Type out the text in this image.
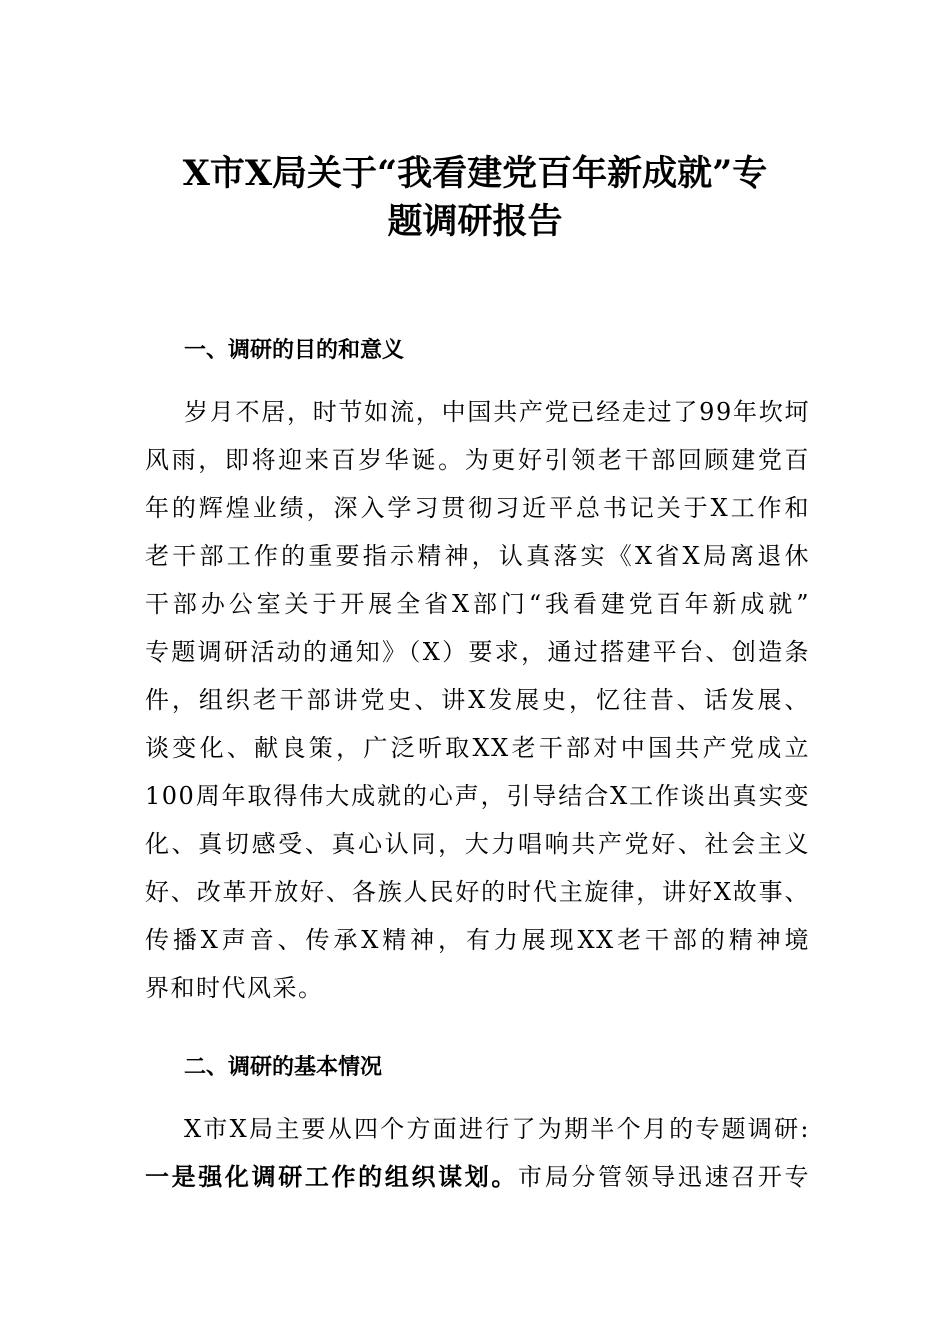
X市X局关于“我看建党百年新成就”专
题调研报告
一、调研的目的和意义

岁月不居，时节如流，中国共产党已经走过了99年坎坷

风雨，即将迎来百岁华诞。为更好引领老干部回顾建党百

年的辉煌业绩，深入学习贯彻习近平总书记关于X工作和

老干部工作的重要指示精神，认真落实《X省X局离退休

干部办公室关于开展全省X部门“我看建党百年新成就”

专题调研活动的通知》（X）要求，通过搭建平台、创造条

件，组织老干部讲党史、讲X发展史，忆往昔、话发展、

谈变化、献良策，广泛听取XX老干部对中国共产党成立

100周年取得伟大成就的心声，引导结合X工作谈出真实变

化、真切感受、真心认同，大力唱响共产党好、社会主义

好、改革开放好、各族人民好的时代主旋律，讲好X故事、

传播X声音、传承X精神，有力展现XX老干部的精神境

界和时代风采。

二、调研的基本情况

X市X局主要从四个方面进行了为期半个月的专题调研:

一是强化调研工作的组织谋划。市局分管领导迅速召开专
